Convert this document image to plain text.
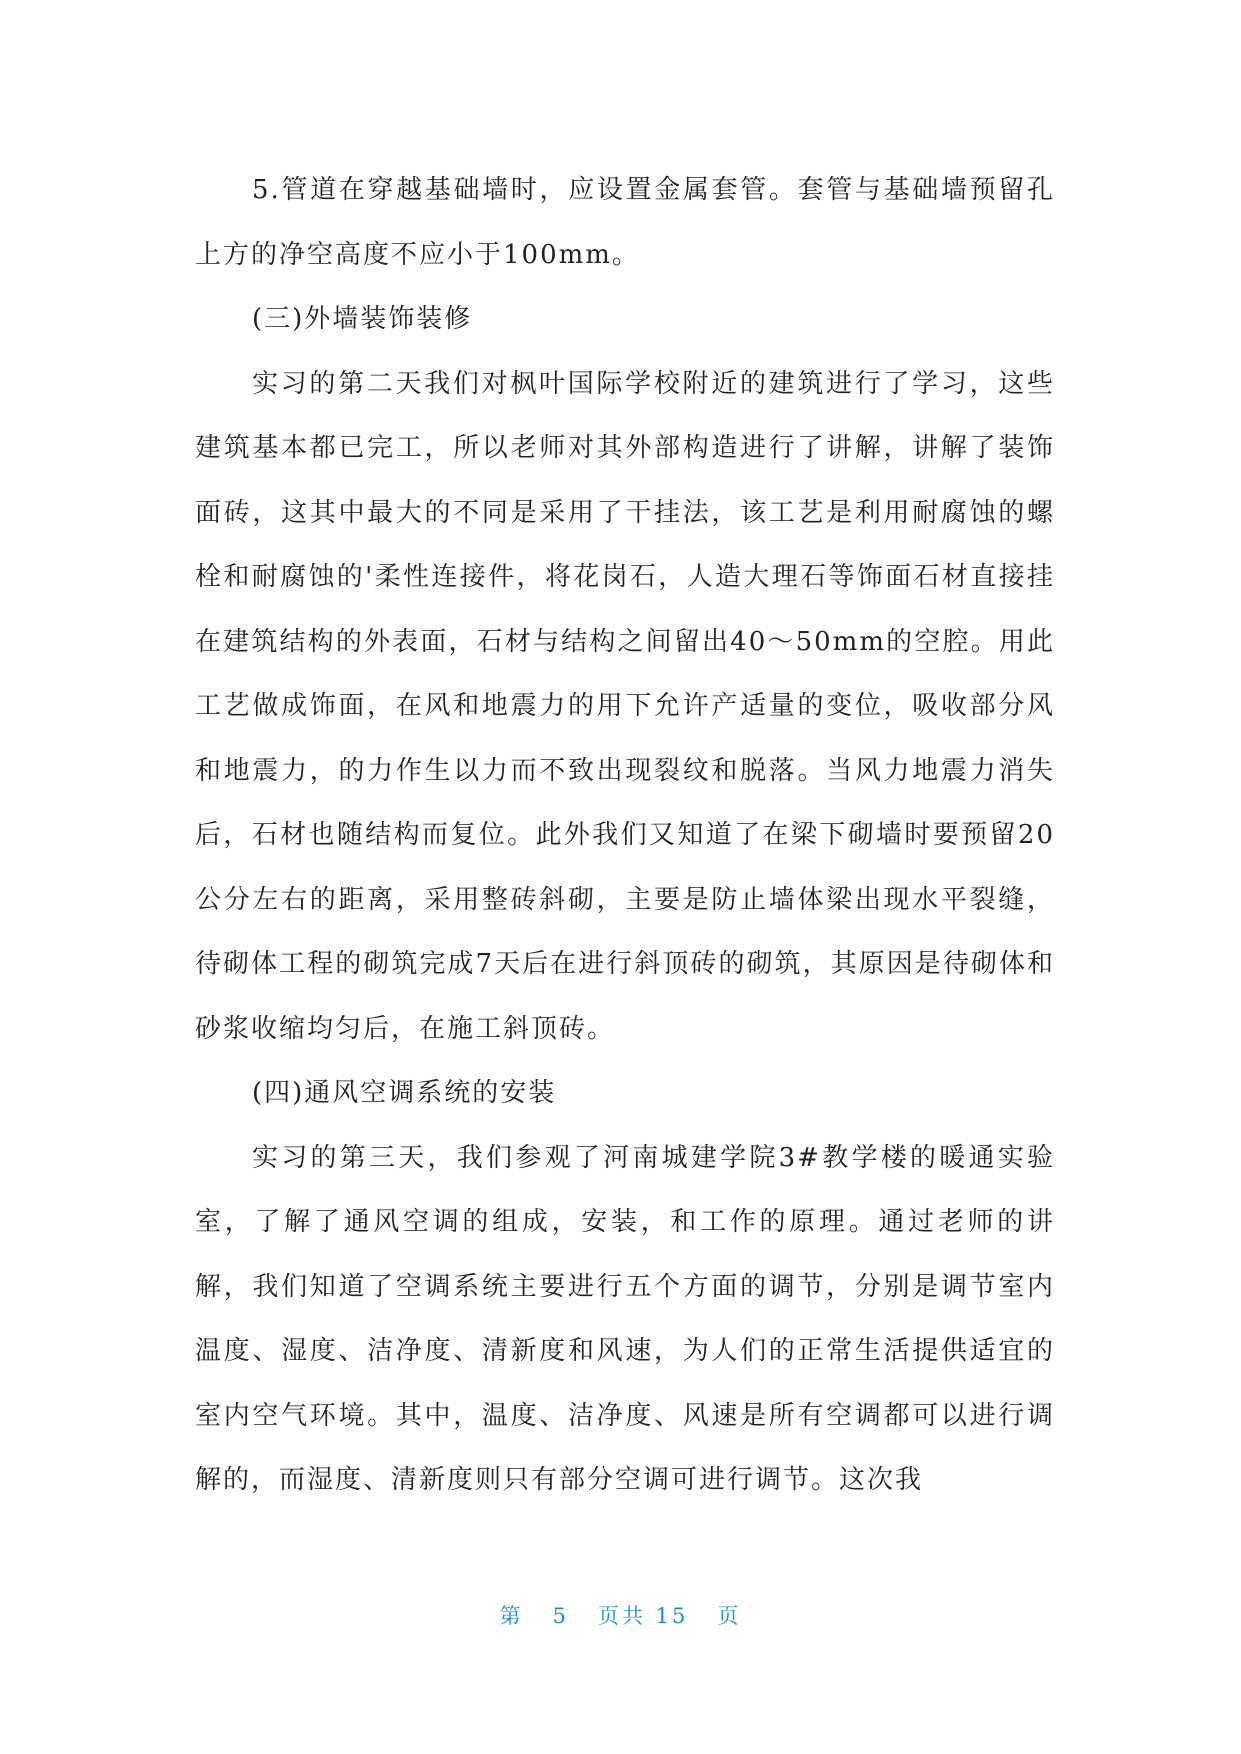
5.管道在穿越基础墙时，应设置金属套管。套管与基础墙预留孔上方的净空高度不应小于100mm。

(三)外墙装饰装修

实习的第二天我们对枫叶国际学校附近的建筑进行了学习，这些建筑基本都已完工，所以老师对其外部构造进行了讲解，讲解了装饰面砖，这其中最大的不同是采用了干挂法，该工艺是利用耐腐蚀的螺栓和耐腐蚀的'柔性连接件，将花岗石，人造大理石等饰面石材直接挂在建筑结构的外表面，石材与结构之间留出40～50mm的空腔。用此工艺做成饰面，在风和地震力的用下允许产适量的变位，吸收部分风和地震力，的力作生以力而不致出现裂纹和脱落。当风力地震力消失后，石材也随结构而复位。此外我们又知道了在梁下砌墙时要预留20公分左右的距离，采用整砖斜砌，主要是防止墙体梁出现水平裂缝，待砌体工程的砌筑完成7天后在进行斜顶砖的砌筑，其原因是待砌体和砂浆收缩均匀后，在施工斜顶砖。

(四)通风空调系统的安装

实习的第三天，我们参观了河南城建学院3#教学楼的暖通实验室，了解了通风空调的组成，安装，和工作的原理。通过老师的讲解，我们知道了空调系统主要进行五个方面的调节，分别是调节室内温度、湿度、洁净度、清新度和风速，为人们的正常生活提供适宜的室内空气环境。其中，温度、洁净度、风速是所有空调都可以进行调解的，而湿度、清新度则只有部分空调可进行调节。这次我

第 5 页共 15 页
